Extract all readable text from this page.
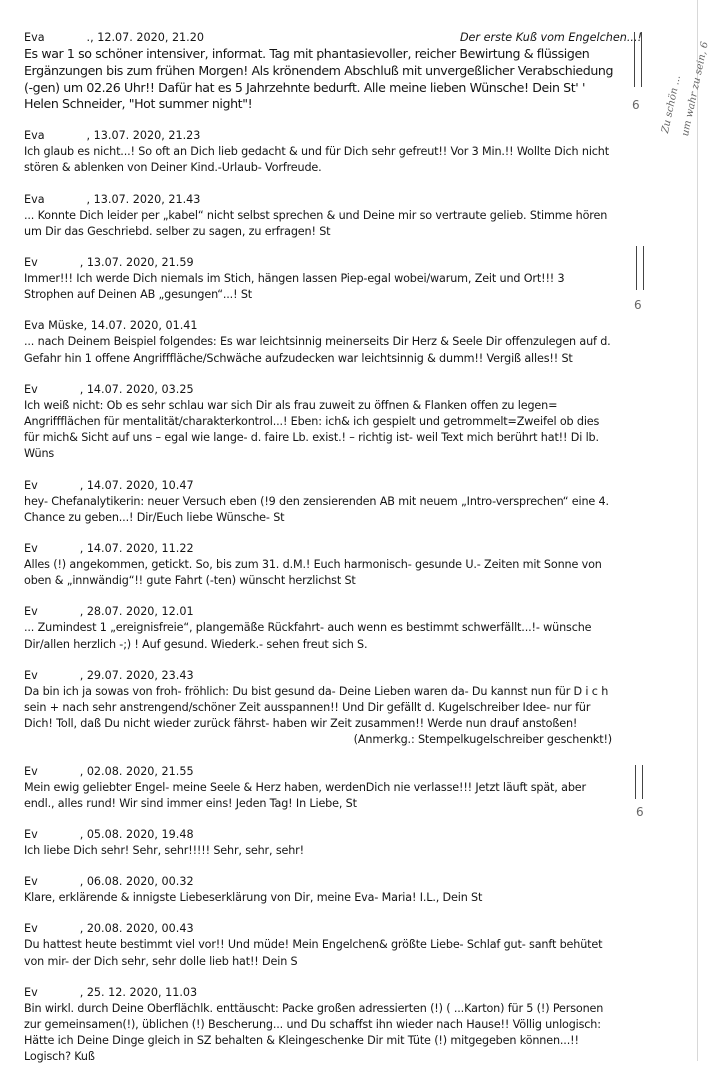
Eva	., 12.07. 2020, 21.20	Der erste Kuß vom Engelchen...!
Es war 1 so schöner intensiver, informat. Tag mit phantasievoller, reicher Bewirtung & flüssigen Ergänzungen bis zum frühen Morgen! Als krönendem Abschluß mit unvergeßlicher Verabschiedung (-gen) um 02.26 Uhr!! Dafür hat es 5 Jahrzehnte bedurft. Alle meine lieben Wünsche! Dein St' ' Helen Schneider, "Hot summer night"!
Eva	, 13.07. 2020, 21.23
Ich glaub es nicht...! So oft an Dich lieb gedacht & und für Dich sehr gefreut!! Vor 3 Min.!! Wollte Dich nicht stören & ablenken von Deiner Kind.-Urlaub- Vorfreude.
Eva	, 13.07. 2020, 21.43
... Konnte Dich leider per „kabel“ nicht selbst sprechen & und Deine mir so vertraute gelieb. Stimme hören um Dir das Geschriebd. selber zu sagen, zu erfragen! St
Ev	, 13.07. 2020, 21.59
Immer!!! Ich werde Dich niemals im Stich, hängen lassen Piep-egal wobei/warum, Zeit und Ort!!! 3 Strophen auf Deinen AB „gesungen“...! St
Eva Müske, 14.07. 2020, 01.41
... nach Deinem Beispiel folgendes: Es war leichtsinnig meinerseits Dir Herz & Seele Dir offenzulegen auf d. Gefahr hin 1 offene Angrifffläche/Schwäche aufzudecken war leichtsinnig & dumm!! Vergiß alles!! St
Ev	, 14.07. 2020, 03.25
Ich weiß nicht: Ob es sehr schlau war sich Dir als frau zuweit zu öffnen & Flanken offen zu legen= Angriffflächen für mentalität/charakterkontrol...! Eben: ich& ich gespielt und getrommelt=Zweifel ob dies für mich& Sicht auf uns – egal wie lange- d. faire Lb. exist.! – richtig ist- weil Text mich berührt hat!! Di lb. Wüns
Ev	, 14.07. 2020, 10.47
hey- Chefanalytikerin: neuer Versuch eben (!9 den zensierenden AB mit neuem „Intro-versprechen“ eine 4. Chance zu geben...! Dir/Euch liebe Wünsche- St
Ev	, 14.07. 2020, 11.22
Alles (!) angekommen, getickt. So, bis zum 31. d.M.! Euch harmonisch- gesunde U.- Zeiten mit Sonne von oben & „innwändig“!! gute Fahrt (-ten) wünscht herzlichst St
Ev	, 28.07. 2020, 12.01
... Zumindest 1 „ereignisfreie“, plangemäße Rückfahrt- auch wenn es bestimmt schwerfällt...!- wünsche Dir/allen herzlich -;) ! Auf gesund. Wiederk.- sehen freut sich S.
Ev	, 29.07. 2020, 23.43
Da bin ich ja sowas von froh- fröhlich: Du bist gesund da- Deine Lieben waren da- Du kannst nun für D i c h sein + nach sehr anstrengend/schöner Zeit ausspannen!! Und Dir gefällt d. Kugelschreiber Idee- nur für Dich! Toll, daß Du nicht wieder zurück fährst- haben wir Zeit zusammen!! Werde nun drauf anstoßen!
(Anmerkg.: Stempelkugelschreiber geschenkt!)
Ev	, 02.08. 2020, 21.55
Mein ewig geliebter Engel- meine Seele & Herz haben, werdenDich nie verlasse!!! Jetzt läuft spät, aber endl., alles rund! Wir sind immer eins! Jeden Tag! In Liebe, St
Ev	, 05.08. 2020, 19.48
Ich liebe Dich sehr! Sehr, sehr!!!!! Sehr, sehr, sehr!
Ev	, 06.08. 2020, 00.32
Klare, erklärende & innigste Liebeserklärung von Dir, meine Eva- Maria! I.L., Dein St
Ev	, 20.08. 2020, 00.43
Du hattest heute bestimmt viel vor!! Und müde! Mein Engelchen& größte Liebe- Schlaf gut- sanft behütet von mir- der Dich sehr, sehr dolle lieb hat!! Dein S
Ev	, 25. 12. 2020, 11.03
Bin wirkl. durch Deine Oberflächlk. enttäuscht: Packe großen adressierten (!) ( ...Karton) für 5 (!) Personen zur gemeinsamen(!), üblichen (!) Bescherung... und Du schaffst ihn wieder nach Hause!! Völlig unlogisch: Hätte ich Deine Dinge gleich in SZ behalten & Kleingeschenke Dir mit Tüte (!) mitgegeben können...!! Logisch? Kuß
6 Zu schön ...
um wahr zu sein, 6
6
6
